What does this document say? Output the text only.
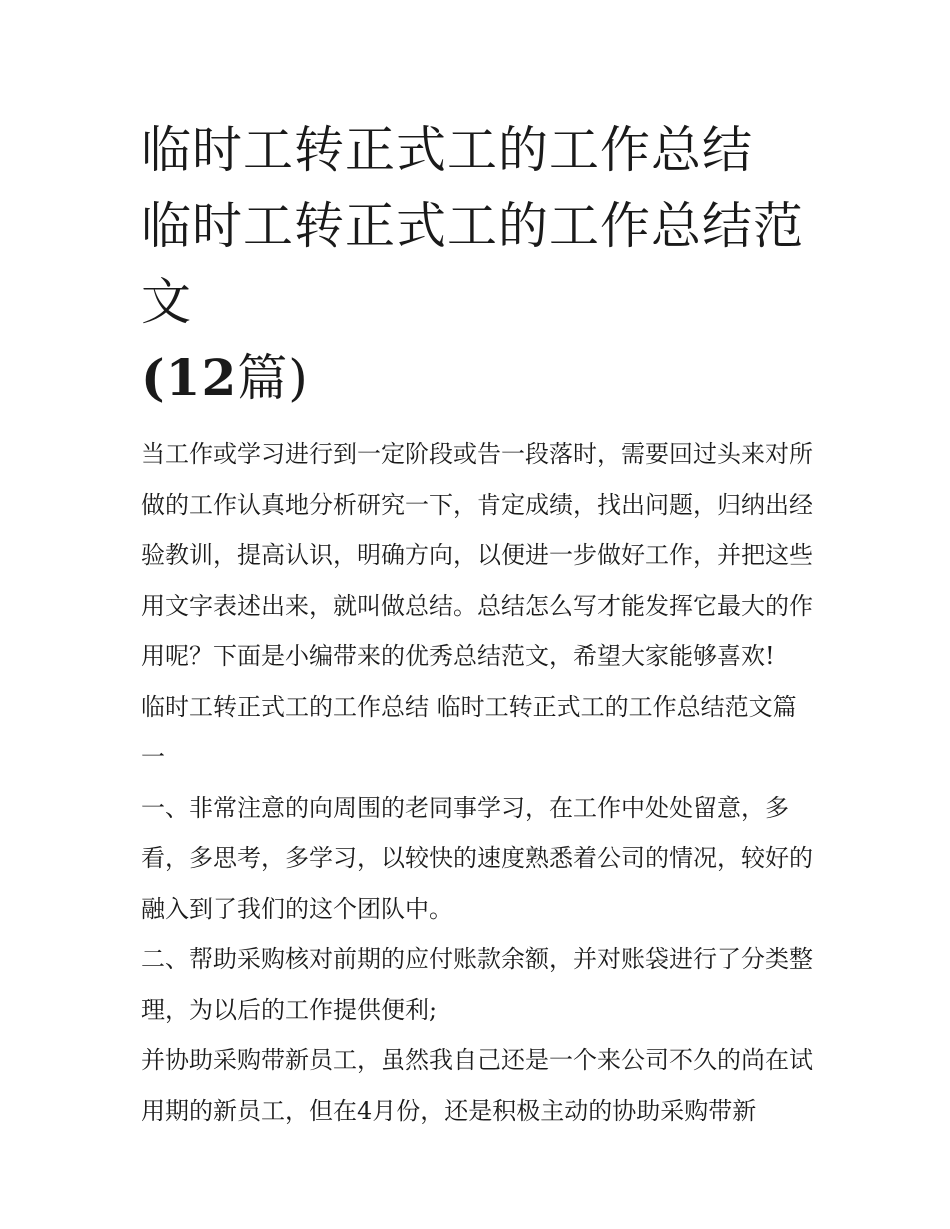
临时工转正式工的工作总结 临时工转正式工的工作总结范文
(12篇)

当工作或学习进行到一定阶段或告一段落时，需要回过头来对所做的工作认真地分析研究一下，肯定成绩，找出问题，归纳出经验教训，提高认识，明确方向，以便进一步做好工作，并把这些用文字表述出来，就叫做总结。总结怎么写才能发挥它最大的作用呢？下面是小编带来的优秀总结范文，希望大家能够喜欢!

临时工转正式工的工作总结 临时工转正式工的工作总结范文篇一

一、非常注意的向周围的老同事学习，在工作中处处留意，多看，多思考，多学习，以较快的速度熟悉着公司的情况，较好的融入到了我们的这个团队中。

二、帮助采购核对前期的应付账款余额，并对账袋进行了分类整理，为以后的工作提供便利;

并协助采购带新员工，虽然我自己还是一个来公司不久的尚在试用期的新员工，但在4月份，还是积极主动的协助采购带新
